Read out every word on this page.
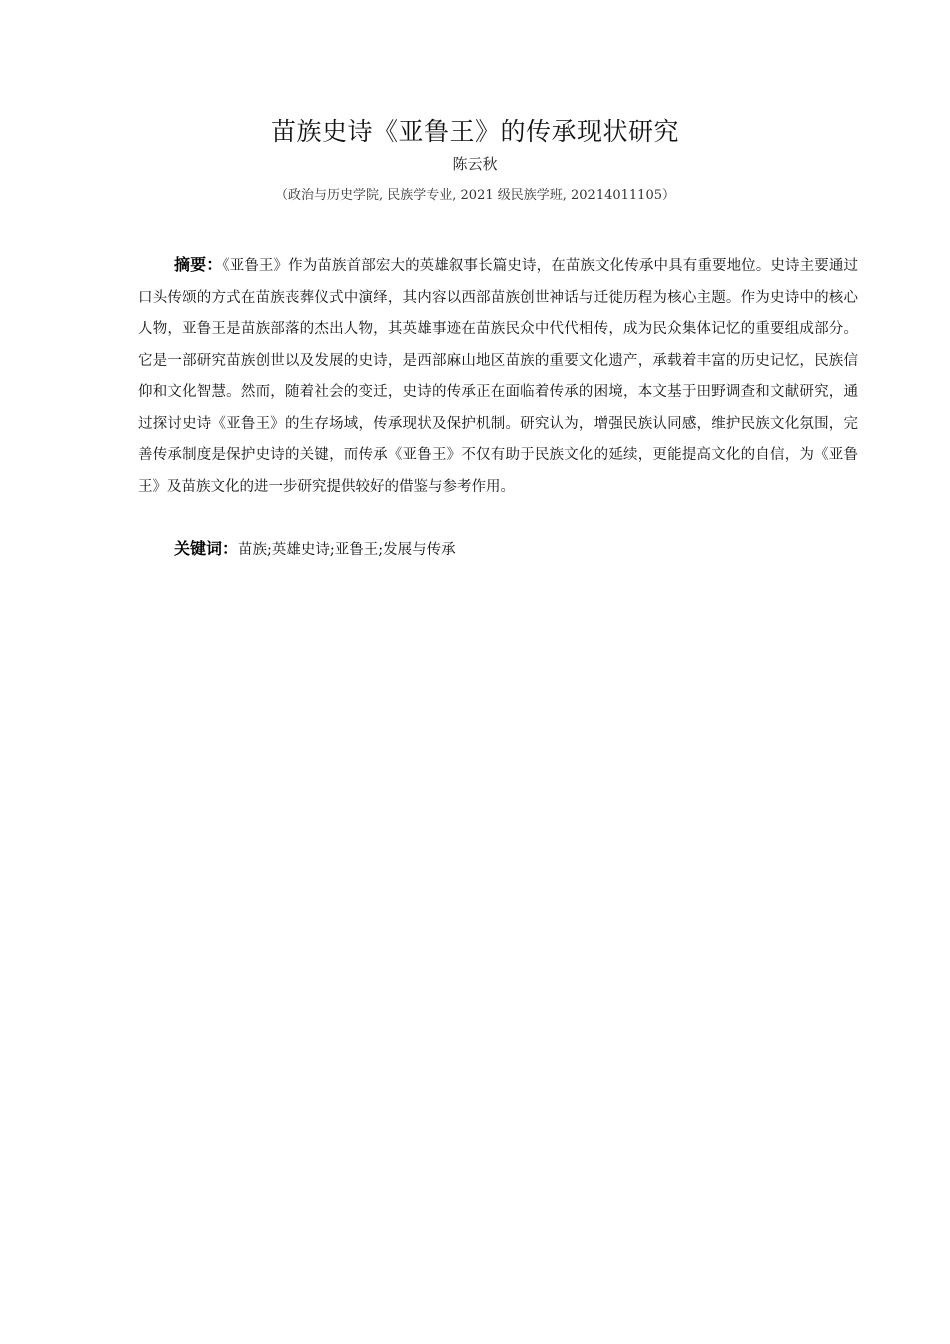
苗族史诗《亚鲁王》的传承现状研究
陈云秋
（政治与历史学院, 民族学专业, 2021 级民族学班, 20214011105）

摘要：《亚鲁王》作为苗族首部宏大的英雄叙事长篇史诗，在苗族文化传承中具有重要地位。史诗主要通过口头传颂的方式在苗族丧葬仪式中演绎，其内容以西部苗族创世神话与迁徙历程为核心主题。作为史诗中的核心人物，亚鲁王是苗族部落的杰出人物，其英雄事迹在苗族民众中代代相传，成为民众集体记忆的重要组成部分。它是一部研究苗族创世以及发展的史诗，是西部麻山地区苗族的重要文化遗产，承载着丰富的历史记忆，民族信仰和文化智慧。然而，随着社会的变迁，史诗的传承正在面临着传承的困境，本文基于田野调查和文献研究，通过探讨史诗《亚鲁王》的生存场域，传承现状及保护机制。研究认为，增强民族认同感，维护民族文化氛围，完善传承制度是保护史诗的关键，而传承《亚鲁王》不仅有助于民族文化的延续，更能提高文化的自信，为《亚鲁王》及苗族文化的进一步研究提供较好的借鉴与参考作用。

关键词：苗族;英雄史诗;亚鲁王;发展与传承
